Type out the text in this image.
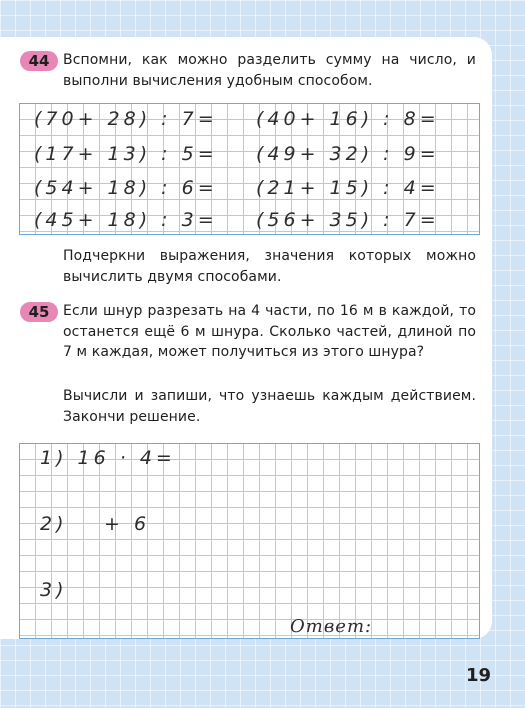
44 Вспомни, как можно разделить сумму на число, и выполни вычисления удобным способом.
(70+ 28) : 7=
(17+ 13) : 5=
(54+ 18) : 6=
(45+ 18) : 3=
(40+ 16) : 8=
(49+ 32) : 9=
(21+ 15) : 4=
(56+ 35) : 7=
Подчеркни выражения, значения которых можно вычислить двумя способами.
45 Если шнур разрезать на 4 части, по 16 м в каждой, то останется ещё 6 м шнура. Сколько частей, длиной по 7 м каждая, может получиться из этого шнура?
Вычисли и запиши, что узнаешь каждым действием. Закончи решение.
1) 16 · 4=
2) + 6
3)
Ответ:
19
